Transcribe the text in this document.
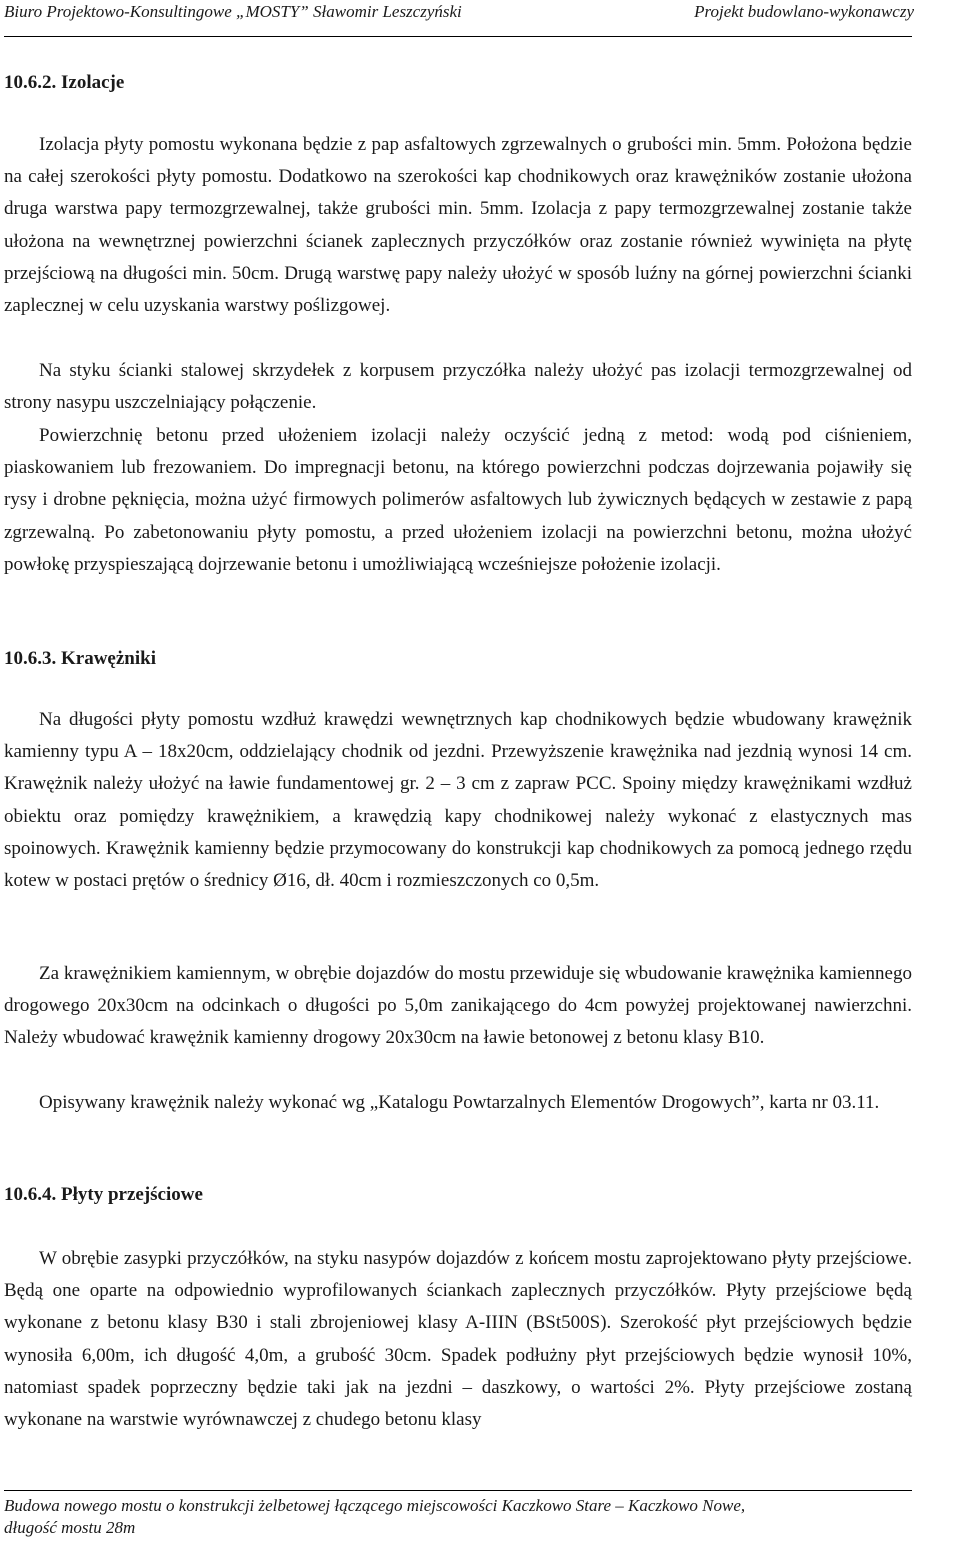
Biuro Projektowo-Konsultingowe „MOSTY” Sławomir Leszczyński	Projekt budowlano-wykonawczy
10.6.2. Izolacje

Izolacja płyty pomostu wykonana będzie z pap asfaltowych zgrzewalnych o grubości min. 5mm. Położona będzie na całej szerokości płyty pomostu. Dodatkowo na szerokości kap chodnikowych oraz krawężników zostanie ułożona druga warstwa papy termozgrzewalnej, także grubości min. 5mm. Izolacja z papy termozgrzewalnej zostanie także ułożona na wewnętrznej powierzchni ścianek zaplecznych przyczółków oraz zostanie również wywinięta na płytę przejściową na długości min. 50cm. Drugą warstwę papy należy ułożyć w sposób luźny na górnej powierzchni ścianki zaplecznej w celu uzyskania warstwy poślizgowej.

Na styku ścianki stalowej skrzydełek z korpusem przyczółka należy ułożyć pas izolacji termozgrzewalnej od strony nasypu uszczelniający połączenie.

Powierzchnię betonu przed ułożeniem izolacji należy oczyścić jedną z metod: wodą pod ciśnieniem, piaskowaniem lub frezowaniem. Do impregnacji betonu, na którego powierzchni podczas dojrzewania pojawiły się rysy i drobne pęknięcia, można użyć firmowych polimerów asfaltowych lub żywicznych będących w zestawie z papą zgrzewalną. Po zabetonowaniu płyty pomostu, a przed ułożeniem izolacji na powierzchni betonu, można ułożyć powłokę przyspieszającą dojrzewanie betonu i umożliwiającą wcześniejsze położenie izolacji.

10.6.3. Krawężniki

Na długości płyty pomostu wzdłuż krawędzi wewnętrznych kap chodnikowych będzie wbudowany krawężnik kamienny typu A – 18x20cm, oddzielający chodnik od jezdni. Przewyższenie krawężnika nad jezdnią wynosi 14 cm. Krawężnik należy ułożyć na ławie fundamentowej gr. 2 – 3 cm z zapraw PCC. Spoiny między krawężnikami wzdłuż obiektu oraz pomiędzy krawężnikiem, a krawędzią kapy chodnikowej należy wykonać z elastycznych mas spoinowych. Krawężnik kamienny będzie przymocowany do konstrukcji kap chodnikowych za pomocą jednego rzędu kotew w postaci prętów o średnicy Ø16, dł. 40cm i rozmieszczonych co 0,5m.

Za krawężnikiem kamiennym, w obrębie dojazdów do mostu przewiduje się wbudowanie krawężnika kamiennego drogowego 20x30cm na odcinkach o długości po 5,0m zanikającego do 4cm powyżej projektowanej nawierzchni. Należy wbudować krawężnik kamienny drogowy 20x30cm na ławie betonowej z betonu klasy B10.

Opisywany krawężnik należy wykonać wg „Katalogu Powtarzalnych Elementów Drogowych”, karta nr 03.11.

10.6.4. Płyty przejściowe

W obrębie zasypki przyczółków, na styku nasypów dojazdów z końcem mostu zaprojektowano płyty przejściowe. Będą one oparte na odpowiednio wyprofilowanych ściankach zaplecznych przyczółków. Płyty przejściowe będą wykonane z betonu klasy B30 i stali zbrojeniowej klasy A-IIIN (BSt500S). Szerokość płyt przejściowych będzie wynosiła 6,00m, ich długość 4,0m, a grubość 30cm. Spadek podłużny płyt przejściowych będzie wynosił 10%, natomiast spadek poprzeczny będzie taki jak na jezdni – daszkowy, o wartości 2%. Płyty przejściowe zostaną wykonane na warstwie wyrównawczej z chudego betonu klasy

Budowa nowego mostu o konstrukcji żelbetowej łączącego miejscowości Kaczkowo Stare – Kaczkowo Nowe,
długość mostu 28m
